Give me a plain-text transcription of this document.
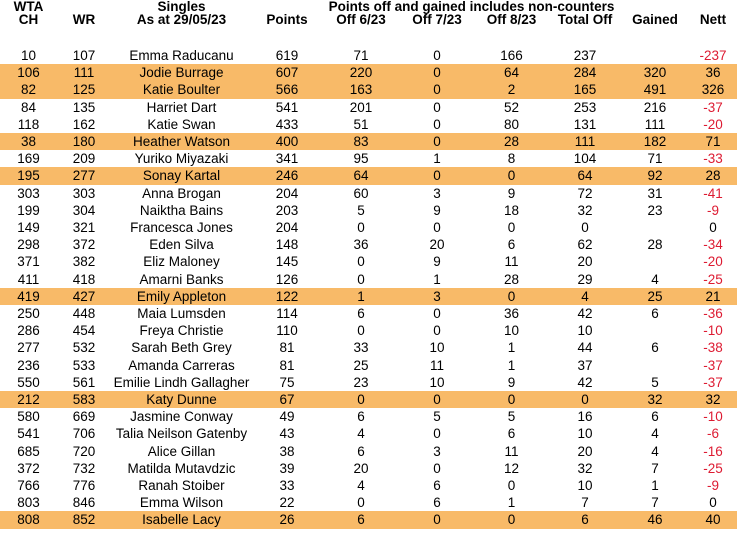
WTA		Singles		Points off and gained includes non-counters					
CH	WR	As at 29/05/23	Points	Off 6/23	Off 7/23	Off 8/23	Total Off	Gained	Nett

10	107	Emma Raducanu	619	71	0	166	237		-237
106	111	Jodie Burrage	607	220	0	64	284	320	36
82	125	Katie Boulter	566	163	0	2	165	491	326
84	135	Harriet Dart	541	201	0	52	253	216	-37
118	162	Katie Swan	433	51	0	80	131	111	-20
38	180	Heather Watson	400	83	0	28	111	182	71
169	209	Yuriko Miyazaki	341	95	1	8	104	71	-33
195	277	Sonay Kartal	246	64	0	0	64	92	28
303	303	Anna Brogan	204	60	3	9	72	31	-41
199	304	Naiktha Bains	203	5	9	18	32	23	-9
149	321	Francesca Jones	204	0	0	0	0		0
298	372	Eden Silva	148	36	20	6	62	28	-34
371	382	Eliz Maloney	145	0	9	11	20		-20
411	418	Amarni Banks	126	0	1	28	29	4	-25
419	427	Emily Appleton	122	1	3	0	4	25	21
250	448	Maia Lumsden	114	6	0	36	42	6	-36
286	454	Freya Christie	110	0	0	10	10		-10
277	532	Sarah Beth Grey	81	33	10	1	44	6	-38
236	533	Amanda Carreras	81	25	11	1	37		-37
550	561	Emilie Lindh Gallagher	75	23	10	9	42	5	-37
212	583	Katy Dunne	67	0	0	0	0	32	32
580	669	Jasmine Conway	49	6	5	5	16	6	-10
541	706	Talia Neilson Gatenby	43	4	0	6	10	4	-6
685	720	Alice Gillan	38	6	3	11	20	4	-16
372	732	Matilda Mutavdzic	39	20	0	12	32	7	-25
766	776	Ranah Stoiber	33	4	6	0	10	1	-9
803	846	Emma Wilson	22	0	6	1	7	7	0
808	852	Isabelle Lacy	26	6	0	0	6	46	40
